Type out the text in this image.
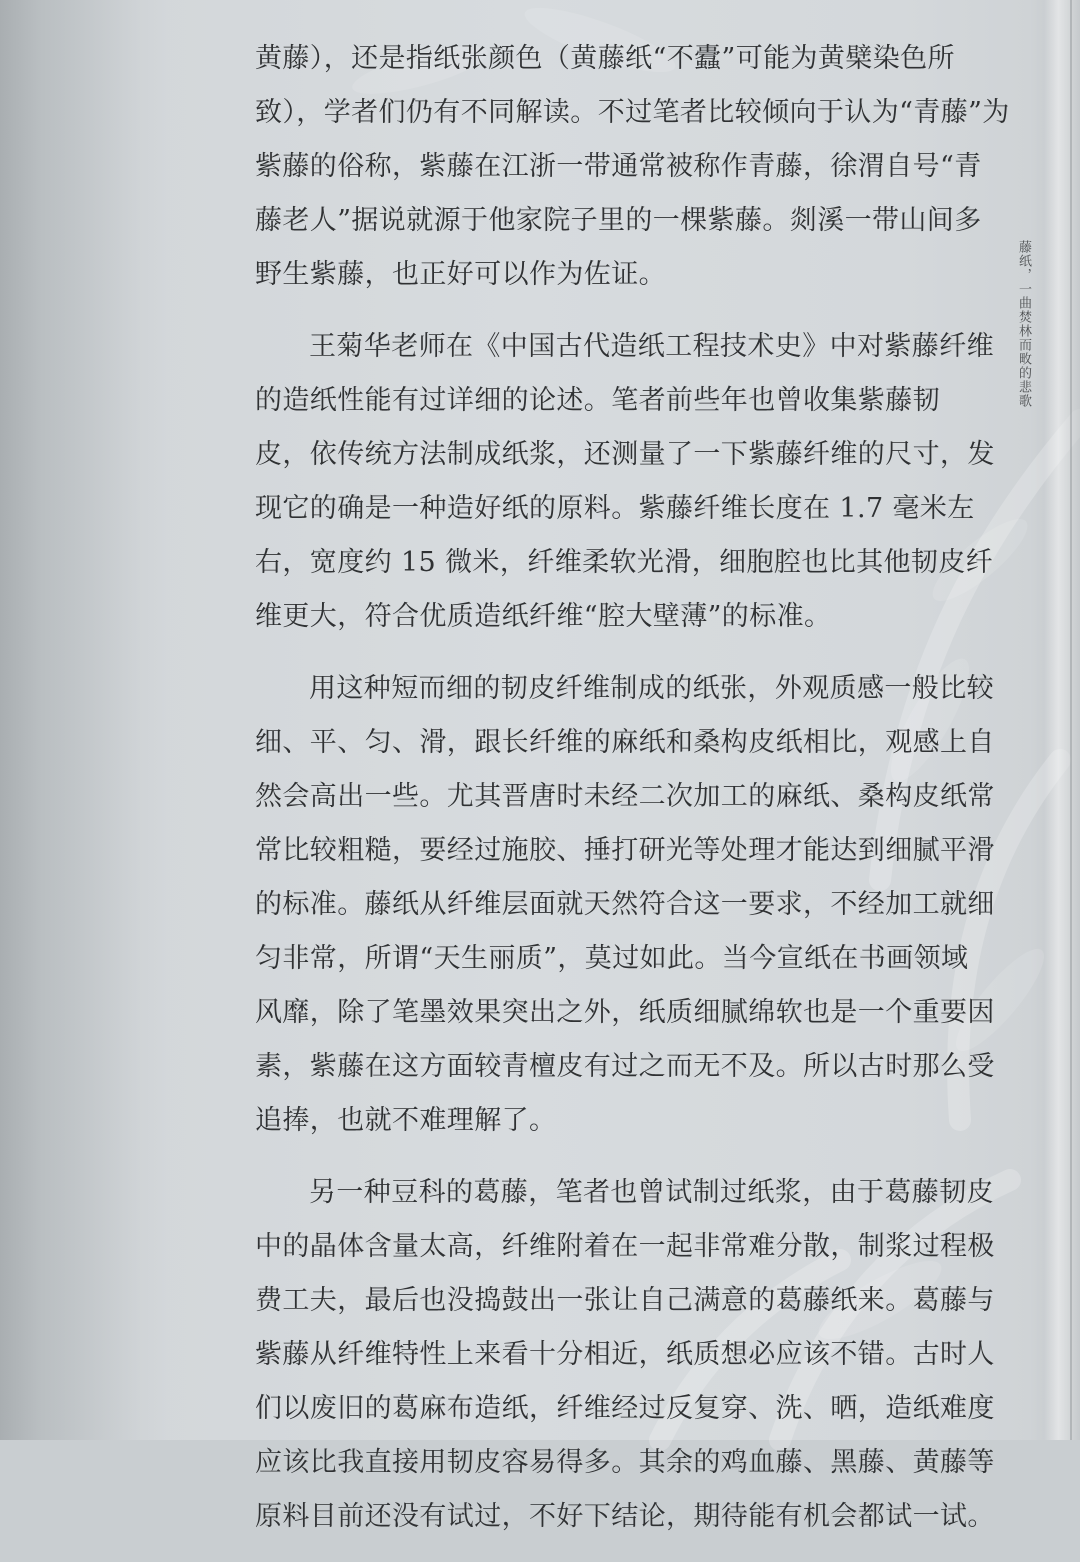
黄藤），还是指纸张颜色（黄藤纸“不蠹”可能为黄檗染色所
致），学者们仍有不同解读。不过笔者比较倾向于认为“青藤”为
紫藤的俗称，紫藤在江浙一带通常被称作青藤，徐渭自号“青
藤老人”据说就源于他家院子里的一棵紫藤。剡溪一带山间多
野生紫藤，也正好可以作为佐证。

王菊华老师在《中国古代造纸工程技术史》中对紫藤纤维
的造纸性能有过详细的论述。笔者前些年也曾收集紫藤韧
皮，依传统方法制成纸浆，还测量了一下紫藤纤维的尺寸，发
现它的确是一种造好纸的原料。紫藤纤维长度在 1.7 毫米左
右，宽度约 15 微米，纤维柔软光滑，细胞腔也比其他韧皮纤
维更大，符合优质造纸纤维“腔大壁薄”的标准。

用这种短而细的韧皮纤维制成的纸张，外观质感一般比较
细、平、匀、滑，跟长纤维的麻纸和桑构皮纸相比，观感上自
然会高出一些。尤其晋唐时未经二次加工的麻纸、桑构皮纸常
常比较粗糙，要经过施胶、捶打研光等处理才能达到细腻平滑
的标准。藤纸从纤维层面就天然符合这一要求，不经加工就细
匀非常，所谓“天生丽质”，莫过如此。当今宣纸在书画领域
风靡，除了笔墨效果突出之外，纸质细腻绵软也是一个重要因
素，紫藤在这方面较青檀皮有过之而无不及。所以古时那么受
追捧，也就不难理解了。

另一种豆科的葛藤，笔者也曾试制过纸浆，由于葛藤韧皮
中的晶体含量太高，纤维附着在一起非常难分散，制浆过程极
费工夫，最后也没捣鼓出一张让自己满意的葛藤纸来。葛藤与
紫藤从纤维特性上来看十分相近，纸质想必应该不错。古时人
们以废旧的葛麻布造纸，纤维经过反复穿、洗、晒，造纸难度
应该比我直接用韧皮容易得多。其余的鸡血藤、黑藤、黄藤等
原料目前还没有试过，不好下结论，期待能有机会都试一试。

藤纸，一曲焚林而畋的悲歌
